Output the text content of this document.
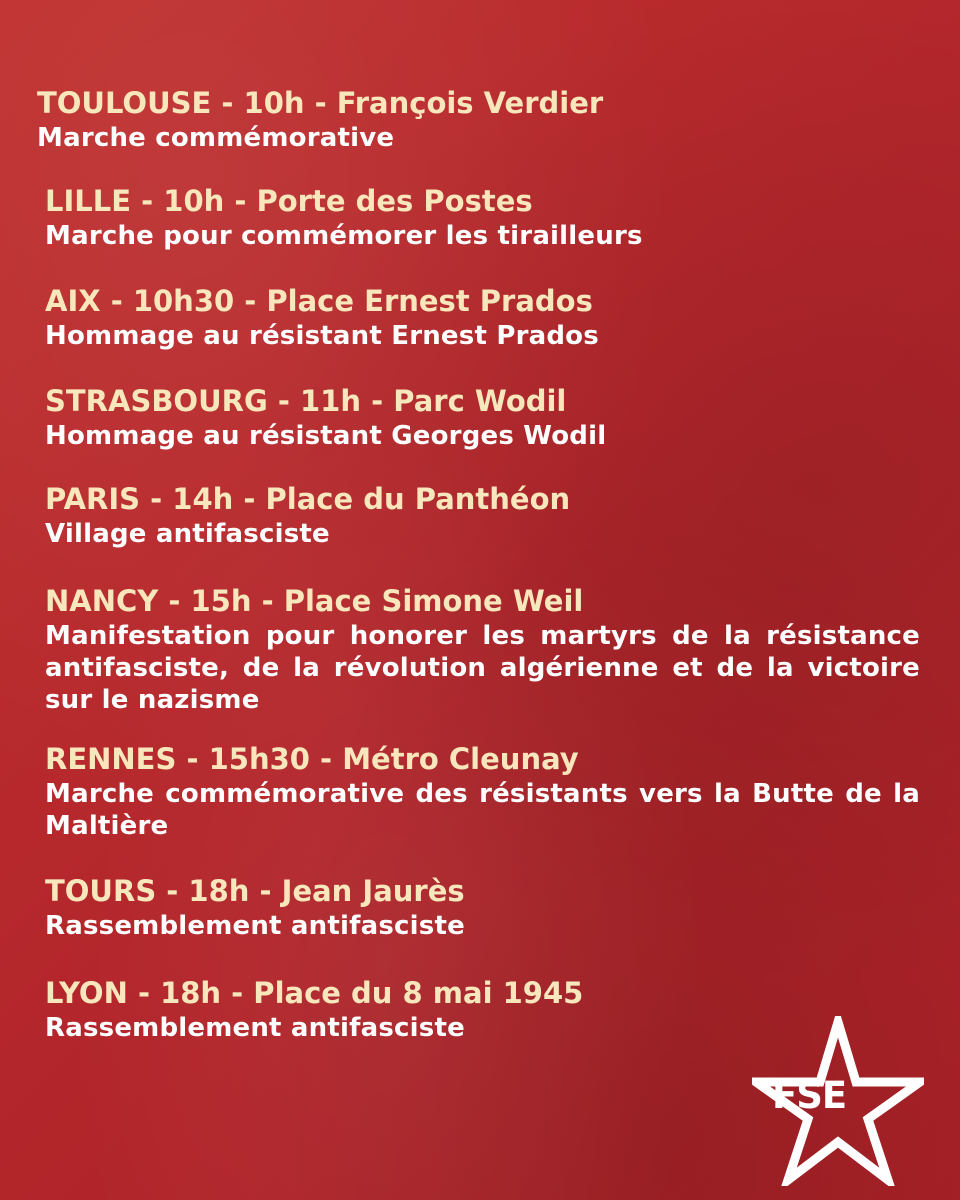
TOULOUSE - 10h - François Verdier
Marche commémorative
LILLE - 10h - Porte des Postes
Marche pour commémorer les tirailleurs
AIX - 10h30 - Place Ernest Prados
Hommage au résistant Ernest Prados
STRASBOURG - 11h - Parc Wodil
Hommage au résistant Georges Wodil
PARIS - 14h - Place du Panthéon
Village antifasciste
NANCY - 15h - Place Simone Weil
Manifestation pour honorer les martyrs de la résistance antifasciste, de la révolution algérienne et de la victoire sur le nazisme
RENNES - 15h30 - Métro Cleunay
Marche commémorative des résistants vers la Butte de la Maltière
TOURS - 18h - Jean Jaurès
Rassemblement antifasciste
LYON - 18h - Place du 8 mai 1945
Rassemblement antifasciste
FSE
